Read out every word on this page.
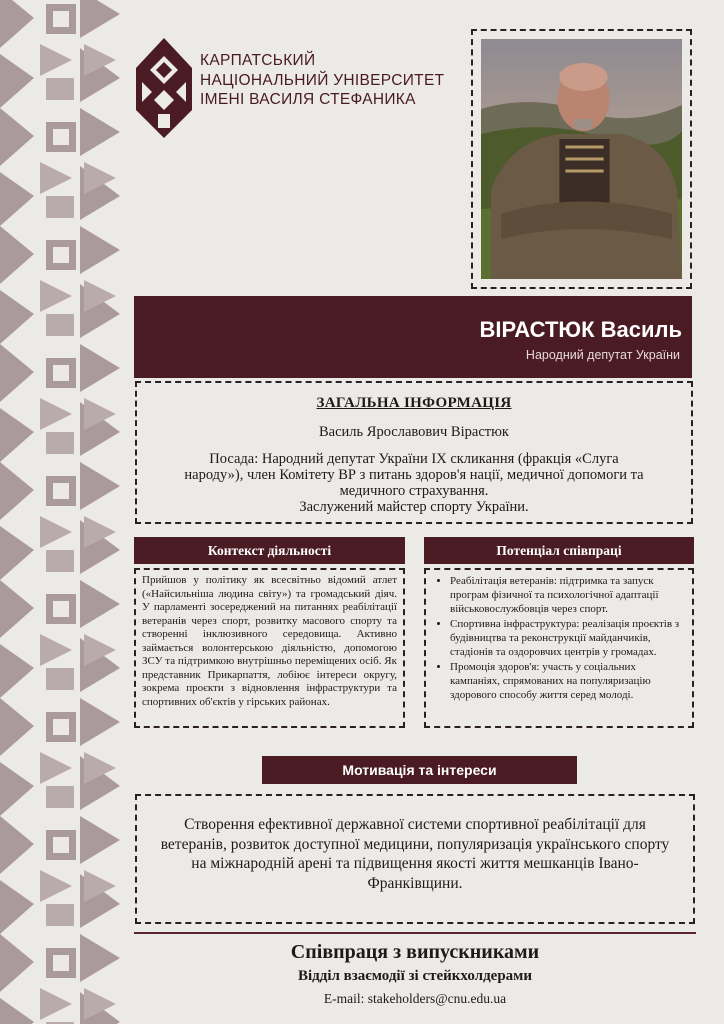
КАРПАТСЬКИЙ
НАЦІОНАЛЬНИЙ УНІВЕРСИТЕТ
ІМЕНІ ВАСИЛЯ СТЕФАНИКА
ВІРАСТЮК Василь
Народний депутат України
ЗАГАЛЬНА ІНФОРМАЦІЯ
Василь Ярославович Вірастюк
Посада: Народний депутат України IX скликання (фракція «Слуга народу»), член Комітету ВР з питань здоров'я нації, медичної допомоги та медичного страхування.
Заслужений майстер спорту України.
Контекст діяльності
Прийшов у політику як всесвітньо відомий атлет («Найсильніша людина світу») та громадський діяч. У парламенті зосереджений на питаннях реабілітації ветеранів через спорт, розвитку масового спорту та створенні інклюзивного середовища. Активно займається волонтерською діяльністю, допомогою ЗСУ та підтримкою внутрішньо переміщених осіб. Як представник Прикарпаття, лобіює інтереси округу, зокрема проєкти з відновлення інфраструктури та спортивних об'єктів у гірських районах.
Потенціал співпраці
• Реабілітація ветеранів: підтримка та запуск програм фізичної та психологічної адаптації військовослужбовців через спорт.
• Спортивна інфраструктура: реалізація проєктів з будівництва та реконструкції майданчиків, стадіонів та оздоровчих центрів у громадах.
• Промоція здоров'я: участь у соціальних кампаніях, спрямованих на популяризацію здорового способу життя серед молоді.
Мотивація та інтереси
Створення ефективної державної системи спортивної реабілітації для ветеранів, розвиток доступної медицини, популяризація українського спорту на міжнародній арені та підвищення якості життя мешканців Івано-Франківщини.
Співпраця з випускниками
Відділ взаємодії зі стейкхолдерами
E-mail: stakeholders@cnu.edu.ua
